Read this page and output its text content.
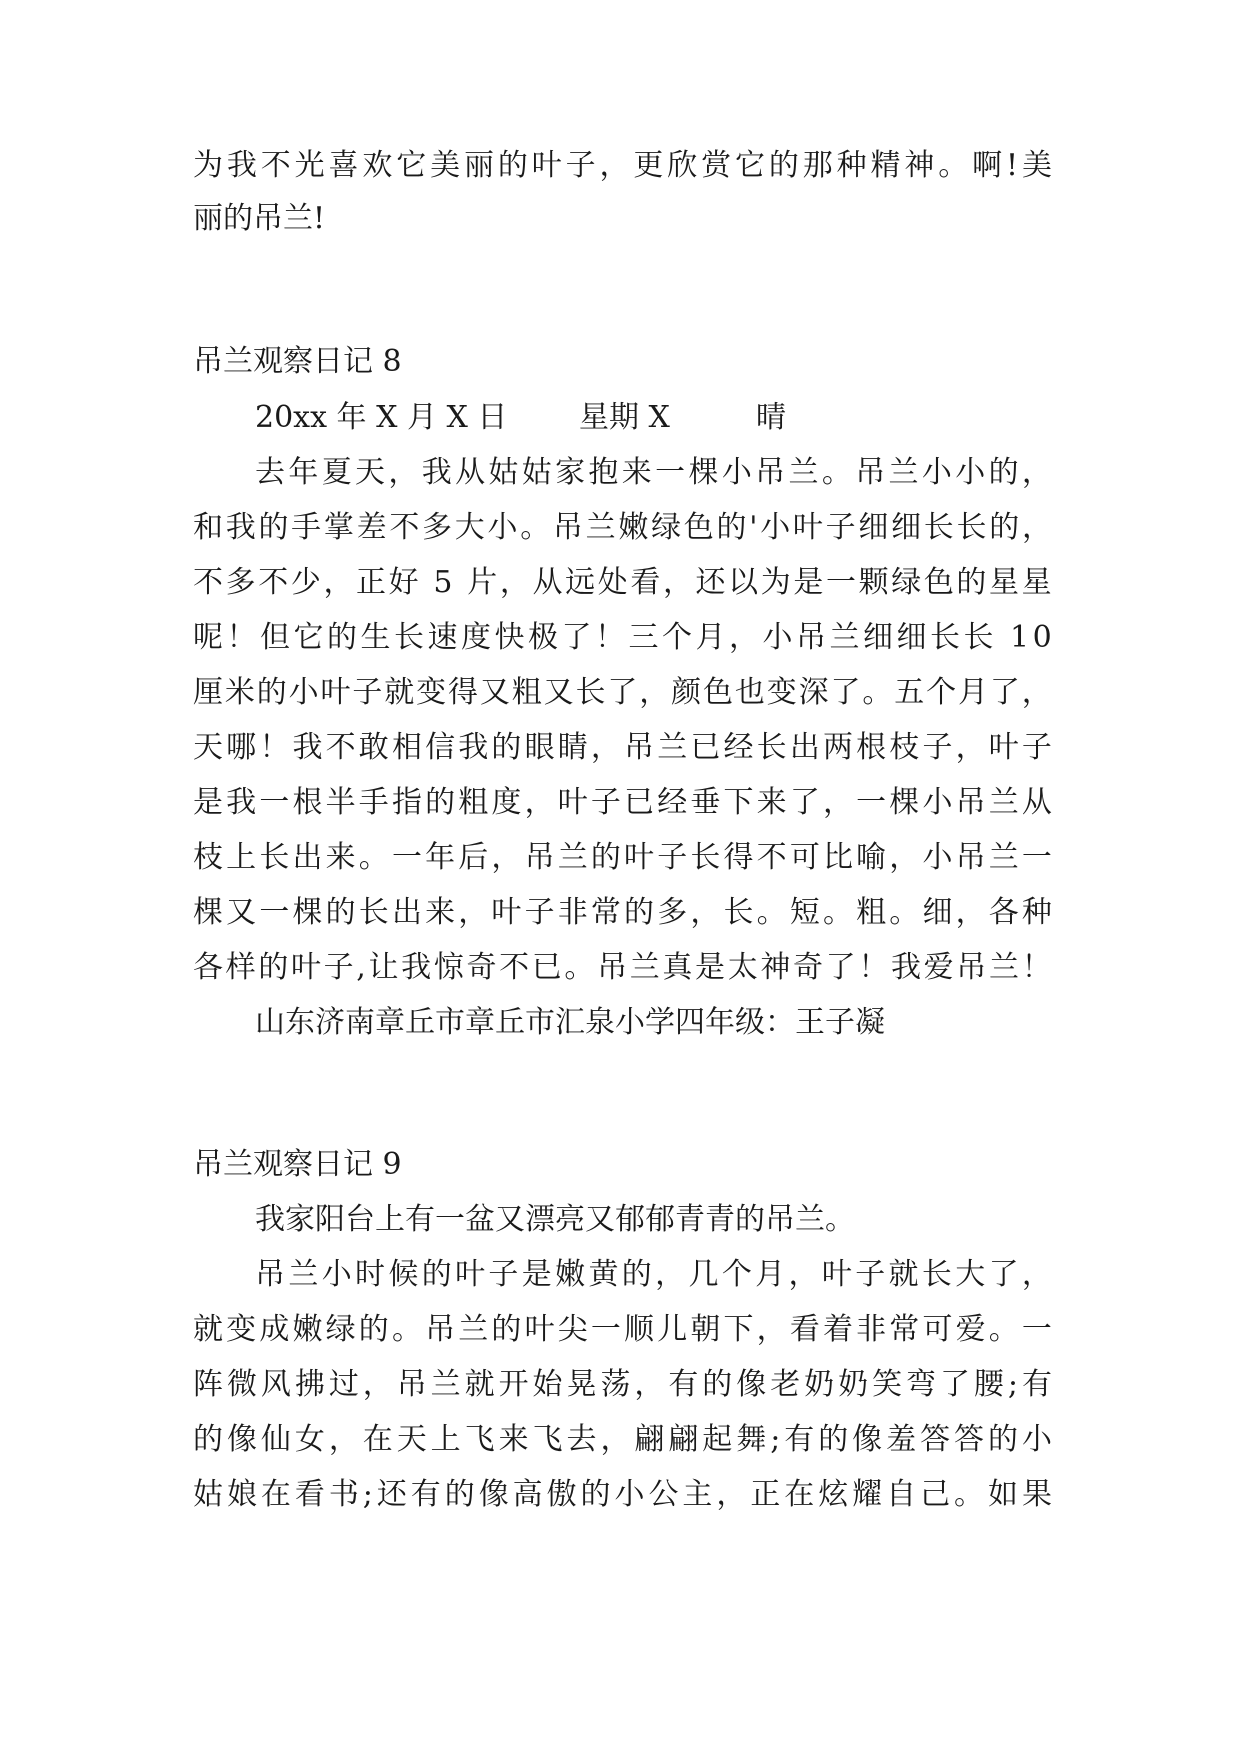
为 我 不 光 喜 欢 它 美 丽 的 叶 子 ， 更 欣 赏 它 的 那 种 精 神 。 啊 ! 美
丽的吊兰!
吊兰观察日记 8
20xx 年 X 月 X 日	星期 X	晴
去 年 夏 天 ， 我 从 姑 姑 家 抱 来 一 棵 小 吊 兰 。 吊 兰 小 小 的 ，
和 我 的 手 掌 差 不 多 大 小 。 吊 兰 嫩 绿 色 的 ' 小 叶 子 细 细 长 长 的 ，
不 多 不 少 ， 正 好
5
片 ， 从 远 处 看 ， 还 以 为 是 一 颗 绿 色 的 星 星
呢 ！ 但 它 的 生 长 速 度 快 极 了 ！ 三 个 月 ， 小 吊 兰 细 细 长 长
1 0
厘 米 的 小 叶 子 就 变 得 又 粗 又 长 了 ， 颜 色 也 变 深 了 。 五 个 月 了 ，
天 哪 ！ 我 不 敢 相 信 我 的 眼 睛 ， 吊 兰 已 经 长 出 两 根 枝 子 ， 叶 子
是 我 一 根 半 手 指 的 粗 度 ， 叶 子 已 经 垂 下 来 了 ， 一 棵 小 吊 兰 从
枝 上 长 出 来 。 一 年 后 ， 吊 兰 的 叶 子 长 得 不 可 比 喻 ， 小 吊 兰 一
棵 又 一 棵 的 长 出 来 ， 叶 子 非 常 的 多 ， 长 。 短 。 粗 。 细 ， 各 种
各 样 的 叶 子 , 让 我 惊 奇 不 已 。 吊 兰 真 是 太 神 奇 了 ！ 我 爱 吊 兰 ！
山东济南章丘市章丘市汇泉小学四年级：王子凝
吊兰观察日记 9
我家阳台上有一盆又漂亮又郁郁青青的吊兰。
吊 兰 小 时 候 的 叶 子 是 嫩 黄 的 ， 几 个 月 ， 叶 子 就 长 大 了 ，
就 变 成 嫩 绿 的 。 吊 兰 的 叶 尖 一 顺 儿 朝 下 ， 看 着 非 常 可 爱 。 一
阵 微 风 拂 过 ， 吊 兰 就 开 始 晃 荡 ， 有 的 像 老 奶 奶 笑 弯 了 腰 ; 有
的 像 仙 女 ， 在 天 上 飞 来 飞 去 ， 翩 翩 起 舞 ; 有 的 像 羞 答 答 的 小
姑 娘 在 看 书 ; 还 有 的 像 高 傲 的 小 公 主 ， 正 在 炫 耀 自 己 。 如 果
